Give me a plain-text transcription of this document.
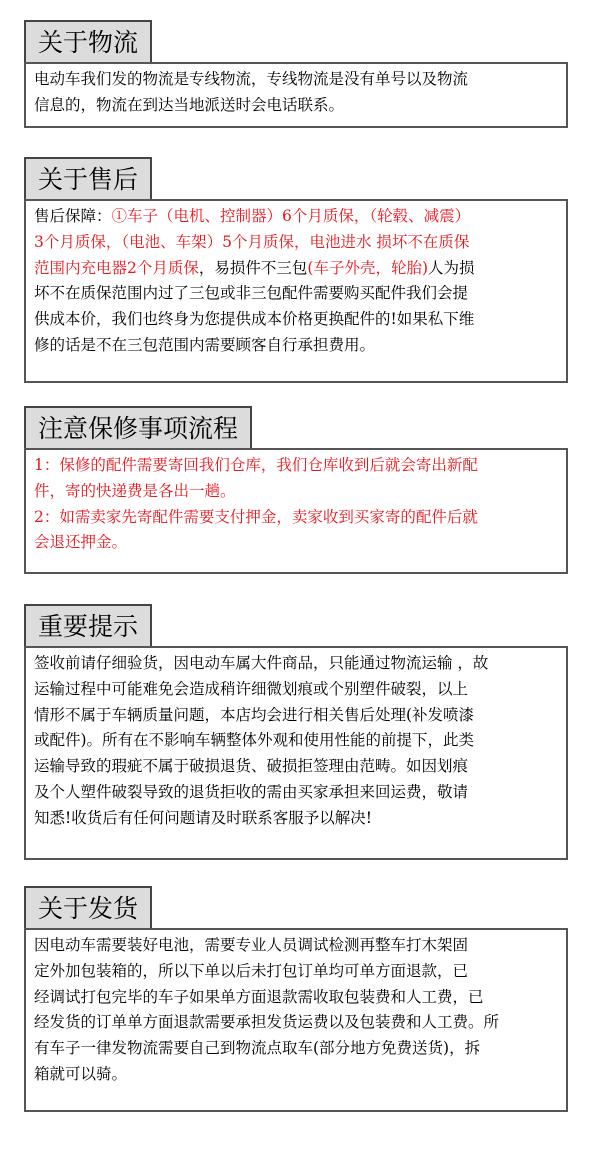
关于物流
电动车我们发的物流是专线物流，专线物流是没有单号以及物流
信息的，物流在到达当地派送时会电话联系。
关于售后
售后保障：①车子（电机、控制器）6个月质保，（轮毂、减震）
3个月质保，（电池、车架）5个月质保，电池进水 损坏不在质保
范围内充电器2个月质保，易损件不三包(车子外壳，轮胎)人为损
坏不在质保范围内过了三包或非三包配件需要购买配件我们会提
供成本价，我们也终身为您提供成本价格更换配件的!如果私下维
修的话是不在三包范围内需要顾客自行承担费用。
注意保修事项流程
1：保修的配件需要寄回我们仓库，我们仓库收到后就会寄出新配
件，寄的快递费是各出一趟。
2：如需卖家先寄配件需要支付押金，卖家收到买家寄的配件后就
会退还押金。
重要提示
签收前请仔细验货，因电动车属大件商品，只能通过物流运输 ，故
运输过程中可能难免会造成稍许细微划痕或个别塑件破裂，以上
情形不属于车辆质量问题，本店均会进行相关售后处理(补发喷漆
或配件)。所有在不影响车辆整体外观和使用性能的前提下，此类
运输导致的瑕疵不属于破损退货、破损拒签理由范畴。如因划痕
及个人塑件破裂导致的退货拒收的需由买家承担来回运费，敬请
知悉!收货后有任何问题请及时联系客服予以解决!
关于发货
因电动车需要装好电池，需要专业人员调试检测再整车打木架固
定外加包装箱的，所以下单以后未打包订单均可单方面退款，已
经调试打包完毕的车子如果单方面退款需收取包装费和人工费，已
经发货的订单单方面退款需要承担发货运费以及包装费和人工费。所
有车子一律发物流需要自己到物流点取车(部分地方免费送货)，拆
箱就可以骑。
